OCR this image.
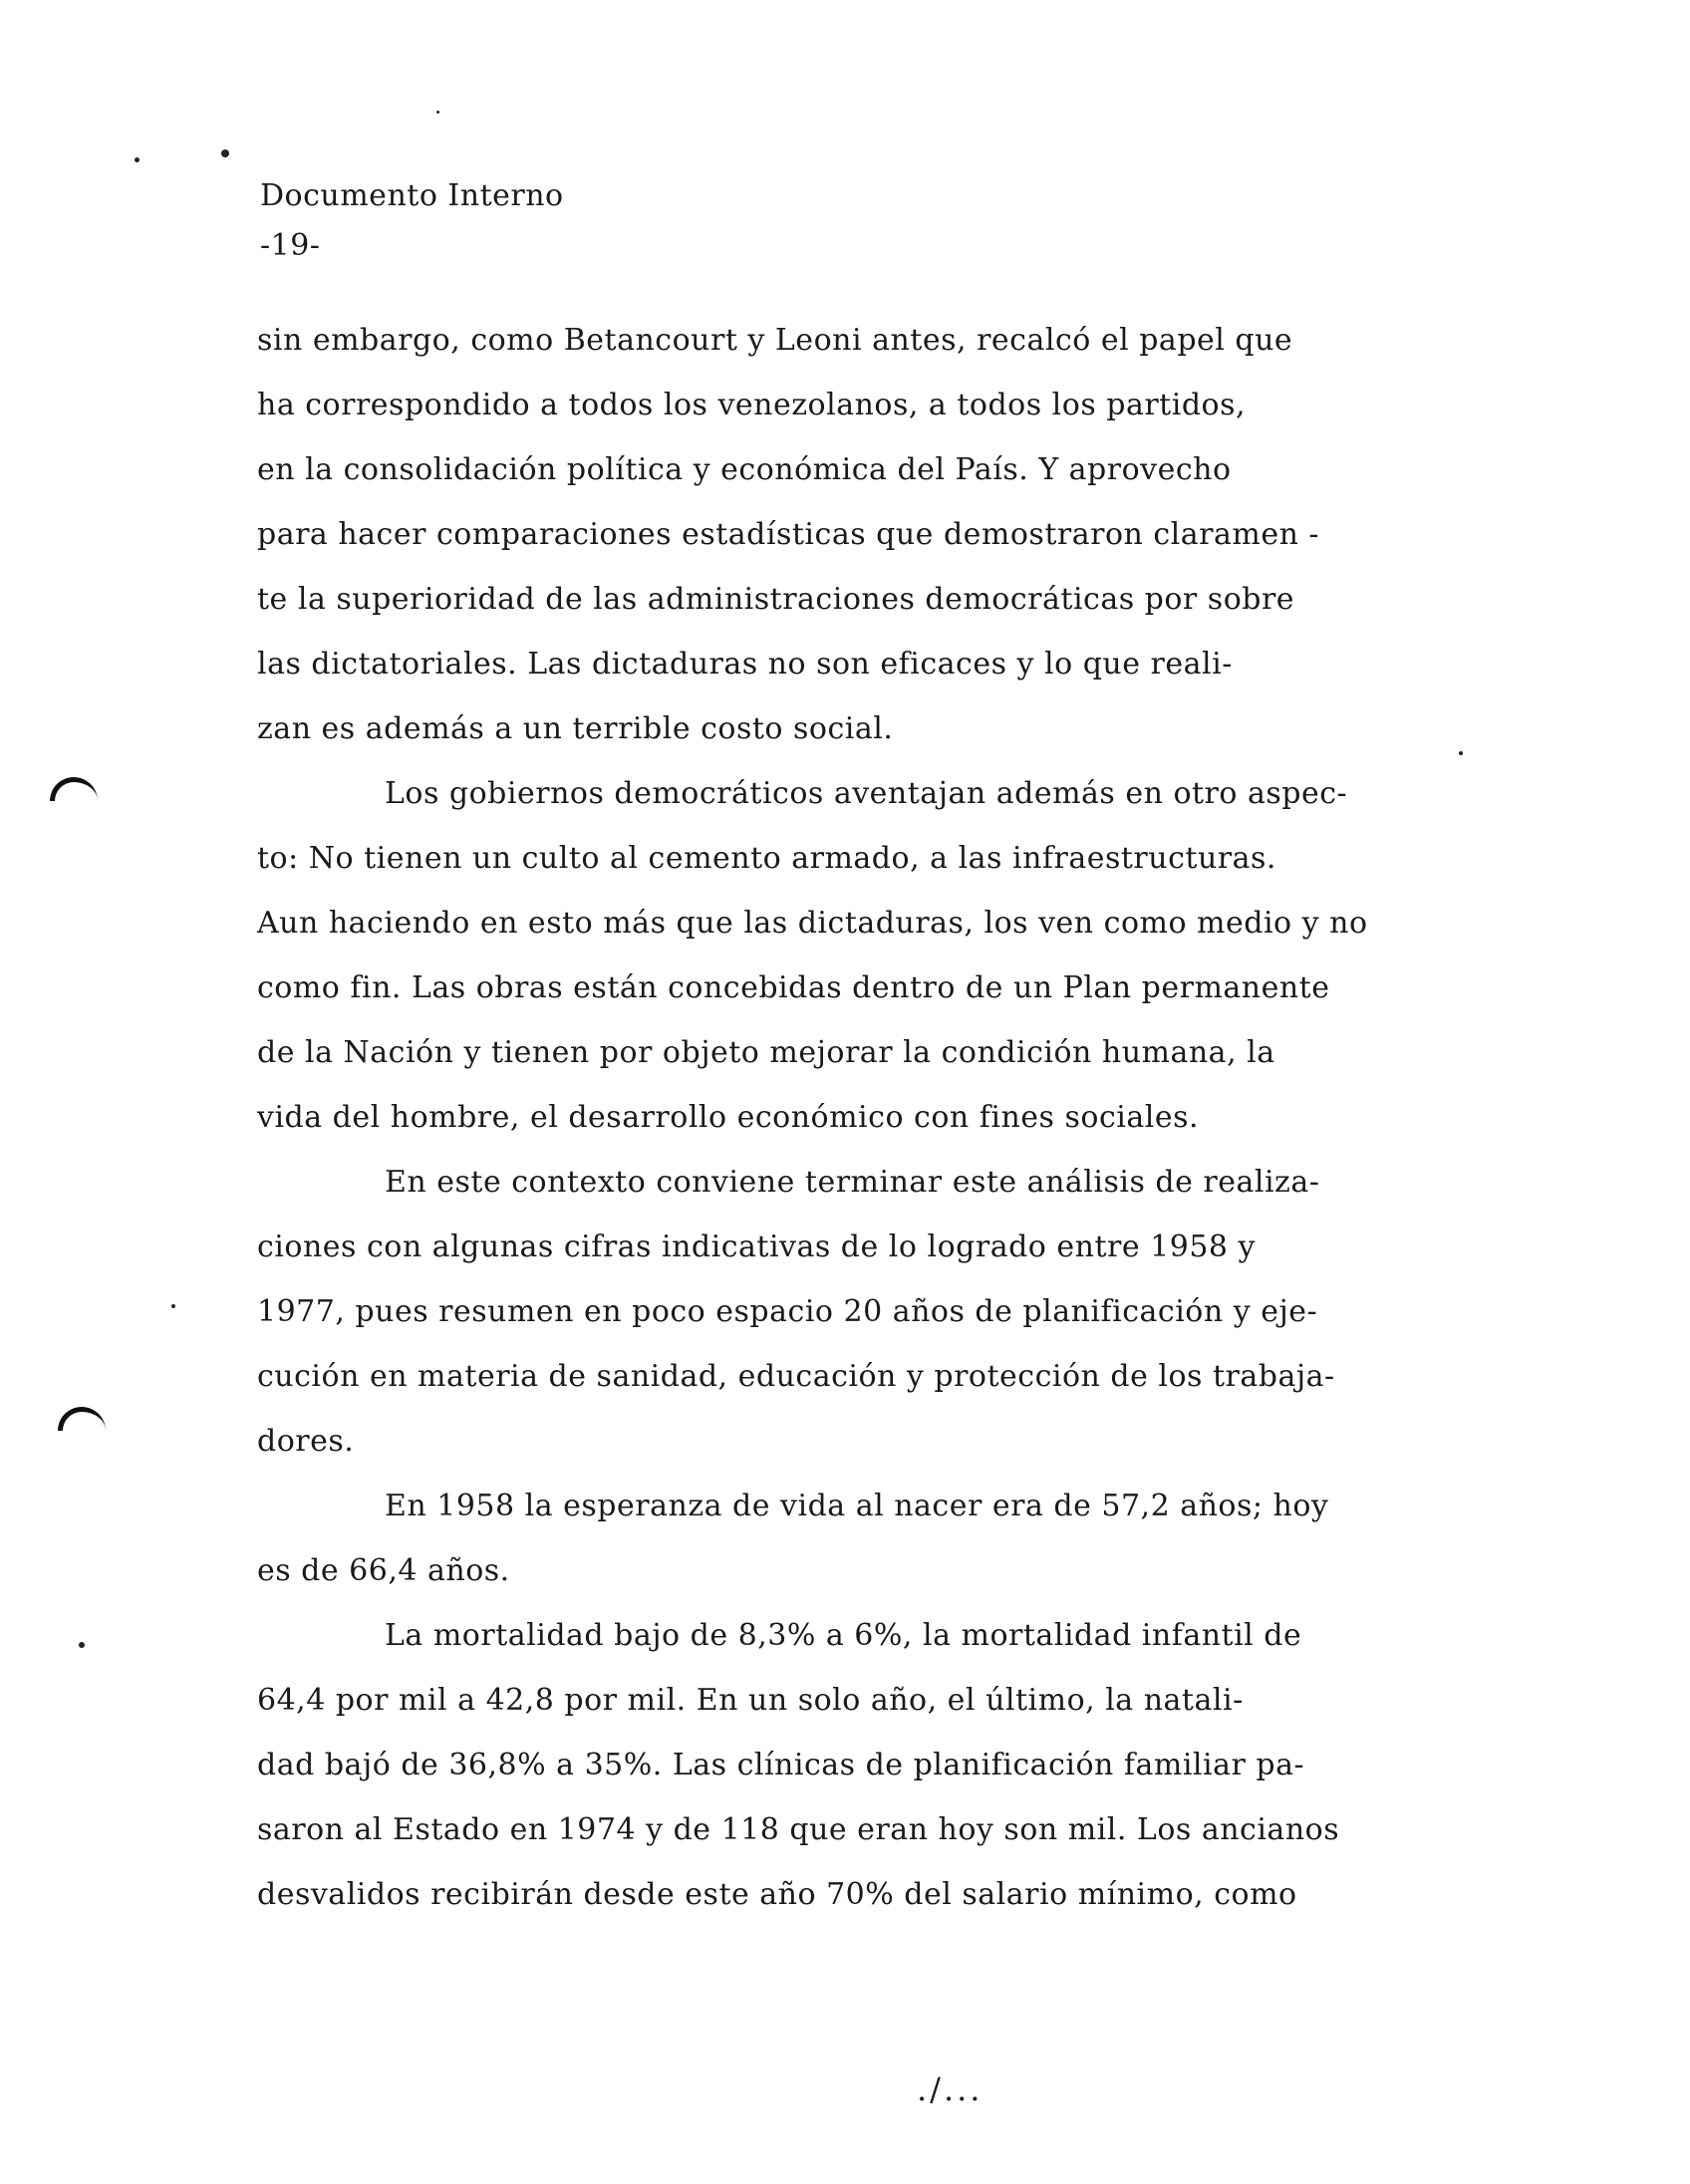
Documento Interno
-19-
sin embargo, como Betancourt y Leoni antes, recalcó el papel que
ha correspondido a todos los venezolanos, a todos los partidos,
en la consolidación política y económica del País. Y aprovecho
para hacer comparaciones estadísticas que demostraron claramen -
te la superioridad de las administraciones democráticas por sobre
las dictatoriales. Las dictaduras no son eficaces y lo que reali-
zan es además a un terrible costo social.
Los gobiernos democráticos aventajan además en otro aspec-
to: No tienen un culto al cemento armado, a las infraestructuras.
Aun haciendo en esto más que las dictaduras, los ven como medio y no
como fin. Las obras están concebidas dentro de un Plan permanente
de la Nación y tienen por objeto mejorar la condición humana, la
vida del hombre, el desarrollo económico con fines sociales.
En este contexto conviene terminar este análisis de realiza-
ciones con algunas cifras indicativas de lo logrado entre 1958 y
1977, pues resumen en poco espacio 20 años de planificación y eje-
cución en materia de sanidad, educación y protección de los trabaja-
dores.
En 1958 la esperanza de vida al nacer era de 57,2 años; hoy
es de 66,4 años.
La mortalidad bajo de 8,3% a 6%, la mortalidad infantil de
64,4 por mil a 42,8 por mil. En un solo año, el último, la natali-
dad bajó de 36,8% a 35%. Las clínicas de planificación familiar pa-
saron al Estado en 1974 y de 118 que eran hoy son mil. Los ancianos
desvalidos recibirán desde este año 70% del salario mínimo, como
./...
